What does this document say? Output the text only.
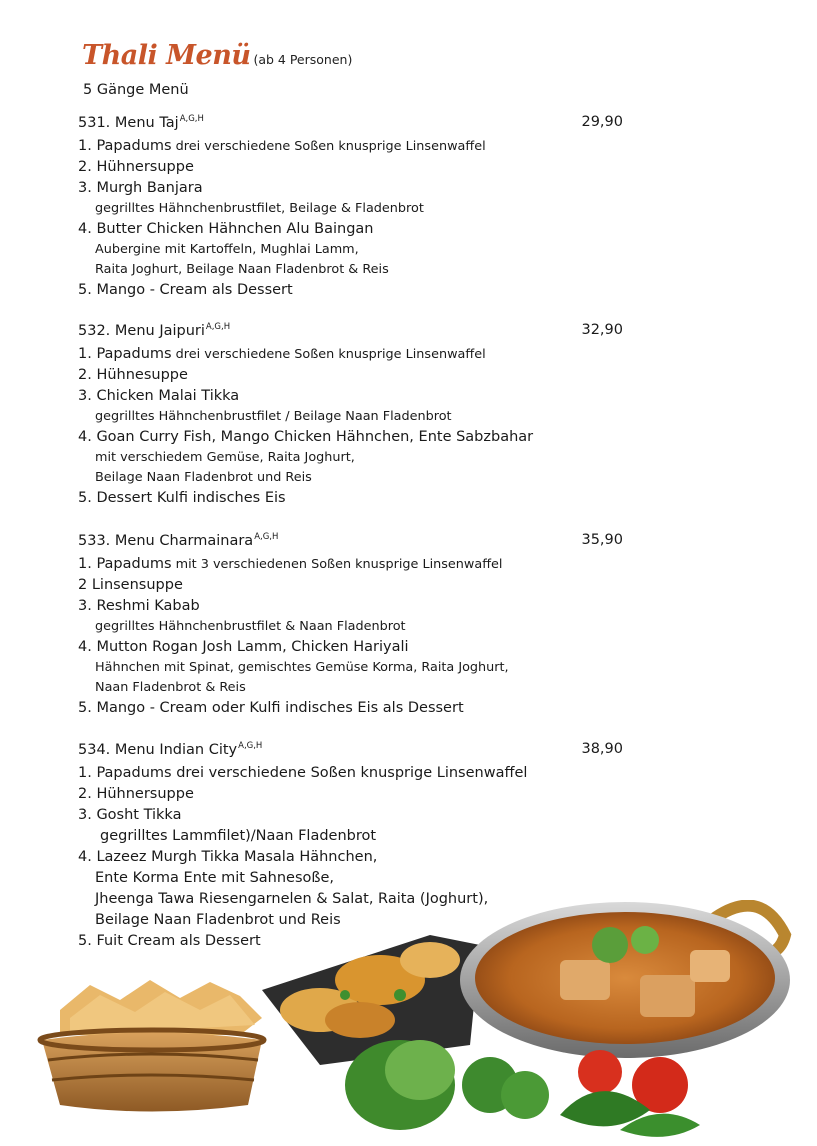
Thali Menü (ab 4 Personen)
5 Gänge Menü
531. Menu Taj$^{A,G,H}$	29,90
1. Papadums drei verschiedene Soßen knusprige Linsenwaffel
2. Hühnersuppe
3. Murgh Banjara
gegrilltes Hähnchenbrustfilet, Beilage & Fladenbrot
4. Butter Chicken Hähnchen Alu Baingan
Aubergine mit Kartoffeln, Mughlai Lamm,
Raita Joghurt, Beilage Naan Fladenbrot & Reis
5. Mango - Cream als Dessert
532. Menu Jaipuri$^{A,G,H}$	32,90
1. Papadums drei verschiedene Soßen knusprige Linsenwaffel
2. Hühnesuppe
3. Chicken Malai Tikka
gegrilltes Hähnchenbrustfilet / Beilage Naan Fladenbrot
4. Goan Curry Fish, Mango Chicken Hähnchen, Ente Sabzbahar
mit verschiedem Gemüse, Raita Joghurt,
Beilage Naan Fladenbrot und Reis
5. Dessert Kulfi indisches Eis
533. Menu Charmainara$^{A,G,H}$	35,90
1. Papadums mit 3 verschiedenen Soßen knusprige Linsenwaffel
2 Linsensuppe
3. Reshmi Kabab
gegrilltes Hähnchenbrustfilet & Naan Fladenbrot
4. Mutton Rogan Josh Lamm, Chicken Hariyali
Hähnchen mit Spinat, gemischtes Gemüse Korma, Raita Joghurt,
Naan Fladenbrot & Reis
5. Mango - Cream oder Kulfi indisches Eis als Dessert
534. Menu Indian City$^{A,G,H}$	38,90
1. Papadums drei verschiedene Soßen knusprige Linsenwaffel
2. Hühnersuppe
3. Gosht Tikka
gegrilltes Lammfilet)/Naan Fladenbrot
4. Lazeez Murgh Tikka Masala Hähnchen,
Ente Korma Ente mit Sahnesoße,
Jheenga Tawa Riesengarnelen & Salat, Raita (Joghurt),
Beilage Naan Fladenbrot und Reis
5. Fuit Cream als Dessert
